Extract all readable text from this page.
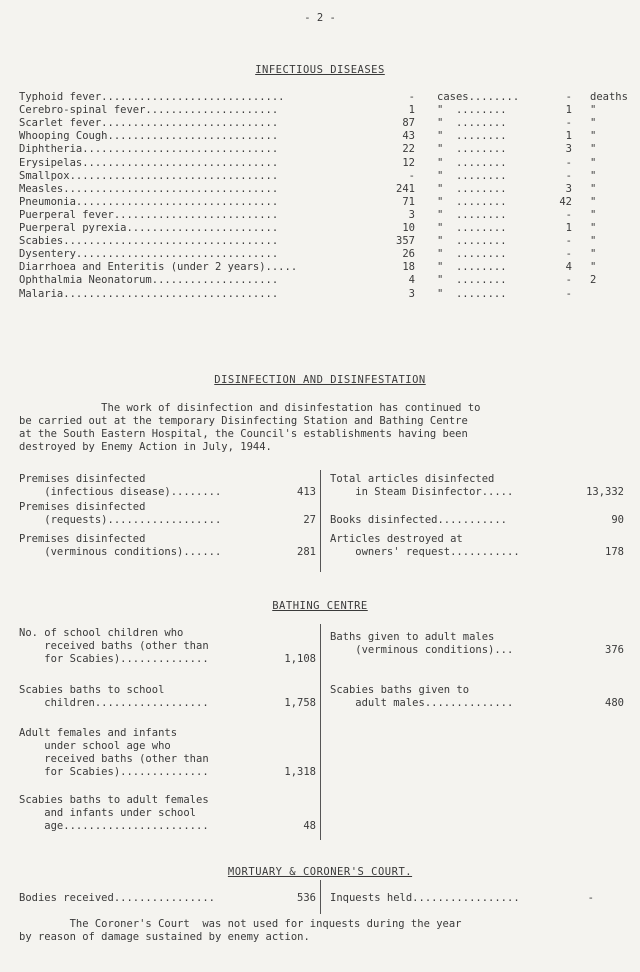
- 2 -
INFECTIOUS DISEASES
Typhoid fever.............................	- cases........	- deaths
Cerebro-spinal fever.....................	1 "  ........	1 "
Scarlet fever............................	87 "  ........	- "
Whooping Cough...........................	43 "  ........	1 "
Diphtheria...............................	22 "  ........	3 "
Erysipelas...............................	12 "  ........	- "
Smallpox.................................	- "  ........	- "
Measles..................................	241 "  ........	3 "
Pneumonia................................	71 "  ........	42 "
Puerperal fever..........................	3 "  ........	- "
Puerperal pyrexia........................	10 "  ........	1 "
Scabies..................................	357 "  ........	- "
Dysentery................................	26 "  ........	- "
Diarrhoea and Enteritis (under 2 years).....	18 "  ........	4 "
Ophthalmia Neonatorum....................	4 "  ........	- 2
Malaria..................................	3 "  ........	-
DISINFECTION AND DISINFESTATION
The work of disinfection and disinfestation has continued to
be carried out at the temporary Disinfecting Station and Bathing Centre
at the South Eastern Hospital, the Council's establishments having been
destroyed by Enemy Action in July, 1944.
Premises disinfected
(infectious disease)........	413
Premises disinfected
(requests)..................	27
Premises disinfected
(verminous conditions)......	281
Total articles disinfected
in Steam Disinfector.....	13,332
Books disinfected...........	90
Articles destroyed at
owners' request...........	178
BATHING CENTRE
No. of school children who
received baths (other than
for Scabies)..............	1,108
Scabies baths to school
children..................	1,758
Adult females and infants
under school age who
received baths (other than
for Scabies)..............	1,318
Scabies baths to adult females
and infants under school
age.......................	48
Baths given to adult males
(verminous conditions)...	376
Scabies baths given to
adult males..............	480
MORTUARY & CORONER'S COURT.
Bodies received................	536 Inquests held.................	-
The Coroner's Court  was not used for inquests during the year
by reason of damage sustained by enemy action.
